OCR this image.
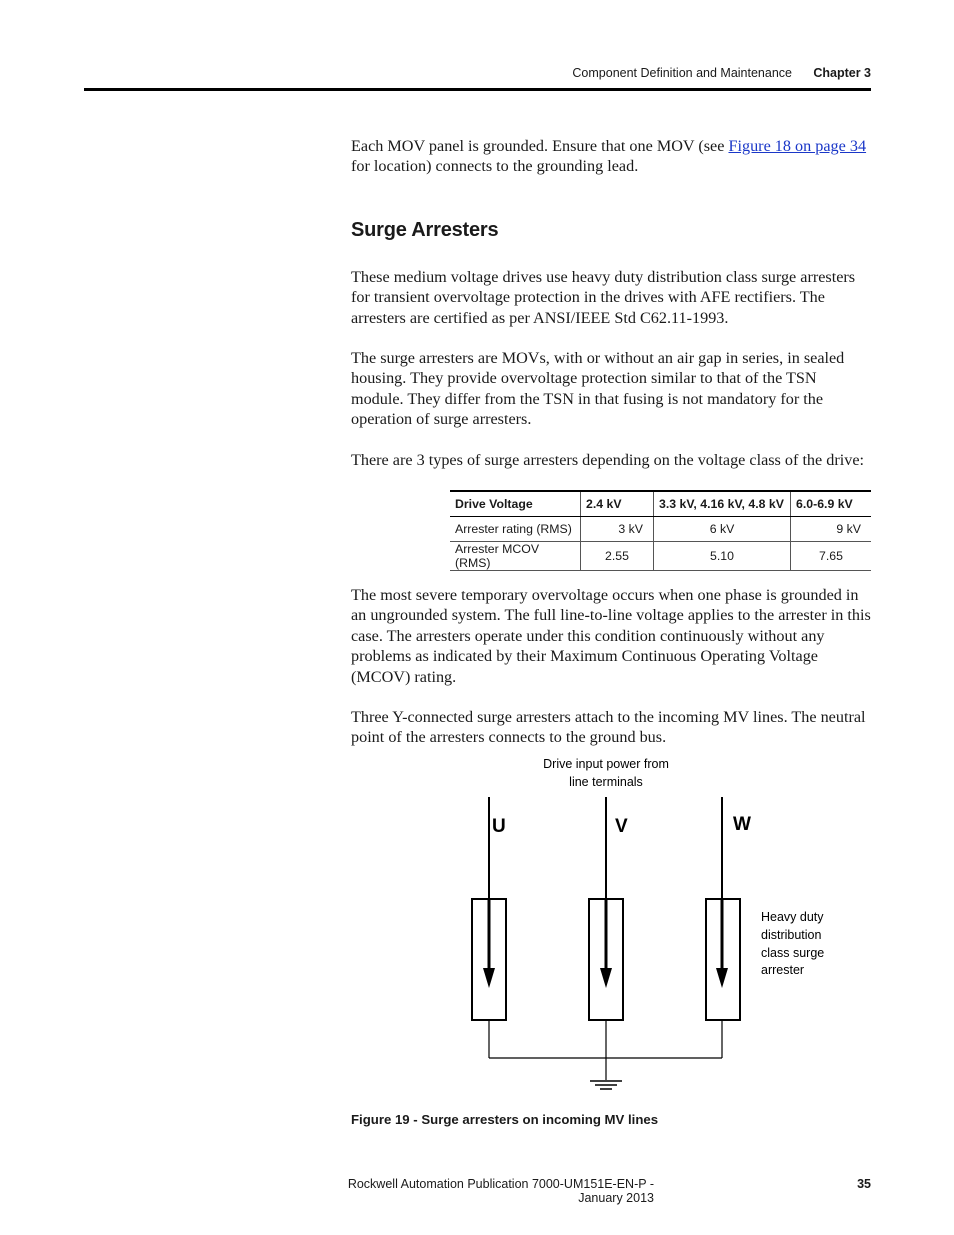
Component Definition and Maintenance	Chapter 3

Each MOV panel is grounded. Ensure that one MOV (see Figure 18 on page 34 for location) connects to the grounding lead.

Surge Arresters

These medium voltage drives use heavy duty distribution class surge arresters for transient overvoltage protection in the drives with AFE rectifiers. The arresters are certified as per ANSI/IEEE Std C62.11-1993.

The surge arresters are MOVs, with or without an air gap in series, in sealed housing. They provide overvoltage protection similar to that of the TSN module. They differ from the TSN in that fusing is not mandatory for the operation of surge arresters.

There are 3 types of surge arresters depending on the voltage class of the drive:

Drive Voltage	2.4 kV	3.3 kV, 4.16 kV, 4.8 kV	6.0-6.9 kV
Arrester rating (RMS)	3 kV	6 kV	9 kV
Arrester MCOV (RMS)	2.55	5.10	7.65

The most severe temporary overvoltage occurs when one phase is grounded in an ungrounded system. The full line-to-line voltage applies to the arrester in this case. The arresters operate under this condition continuously without any problems as indicated by their Maximum Continuous Operating Voltage (MCOV) rating.

Three Y-connected surge arresters attach to the incoming MV lines. The neutral point of the arresters connects to the ground bus.

Drive input power from
line terminals
U	V	W
Heavy duty
distribution
class surge
arrester
Figure 19 - Surge arresters on incoming MV lines
Rockwell Automation Publication 7000-UM151E-EN-P - January 2013
35
